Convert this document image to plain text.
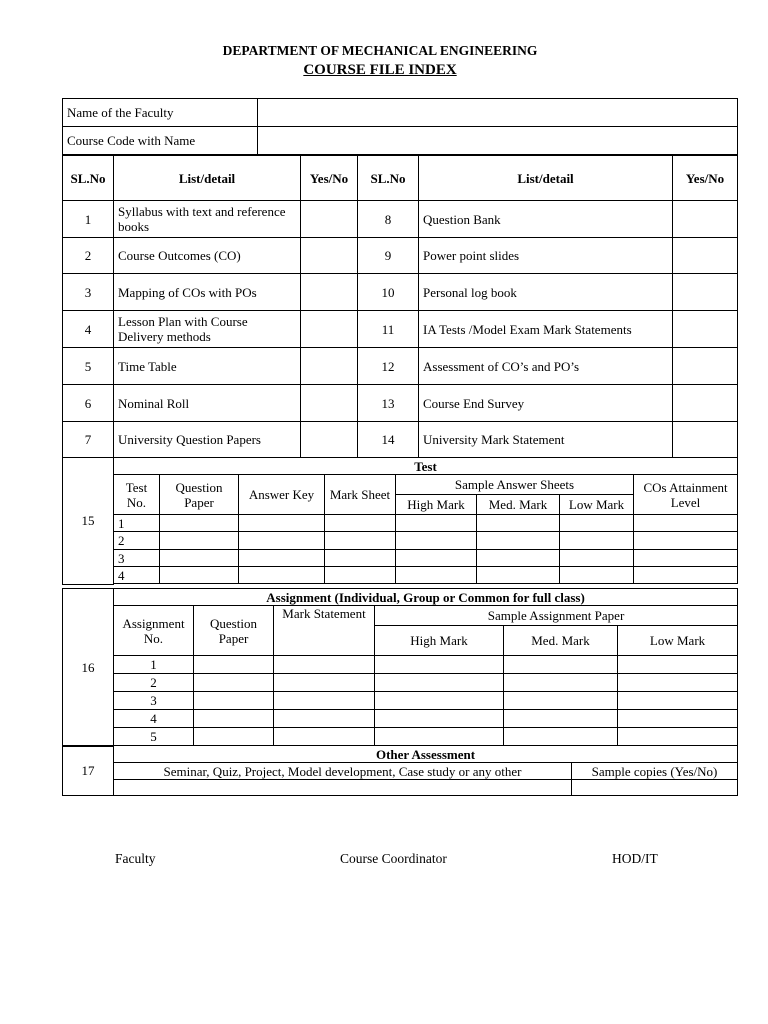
DEPARTMENT OF MECHANICAL ENGINEERING
COURSE FILE INDEX
Name of the Faculty	
Course Code with Name	
SL.No	List/detail	Yes/No	SL.No	List/detail	Yes/No
1	Syllabus with text and reference books		8	Question Bank	
2	Course Outcomes (CO)		9	Power point slides	
3	Mapping of COs with POs		10	Personal log book	
4	Lesson Plan with Course Delivery methods		11	IA Tests /Model Exam Mark Statements	
5	Time Table		12	Assessment of CO’s and PO’s	
6	Nominal Roll		13	Course End Survey	
7	University Question Papers		14	University Mark Statement	
15	Test							
	Test No.	Question Paper	Answer Key	Mark Sheet	Sample Answer Sheets			COs Attainment Level
					High Mark	Med. Mark	Low Mark	
	1							
	2							
	3							
	4							

16	Assignment (Individual, Group or Common for full class)					
	Assignment No.	Question Paper	Mark Statement	Sample Assignment Paper		
				High Mark	Med. Mark	Low Mark
	1					
	2					
	3					
	4					
	5					

17	Other Assessment	
	Seminar, Quiz, Project, Model development, Case study or any other	Sample copies (Yes/No)

Faculty	Course Coordinator	HOD/IT
